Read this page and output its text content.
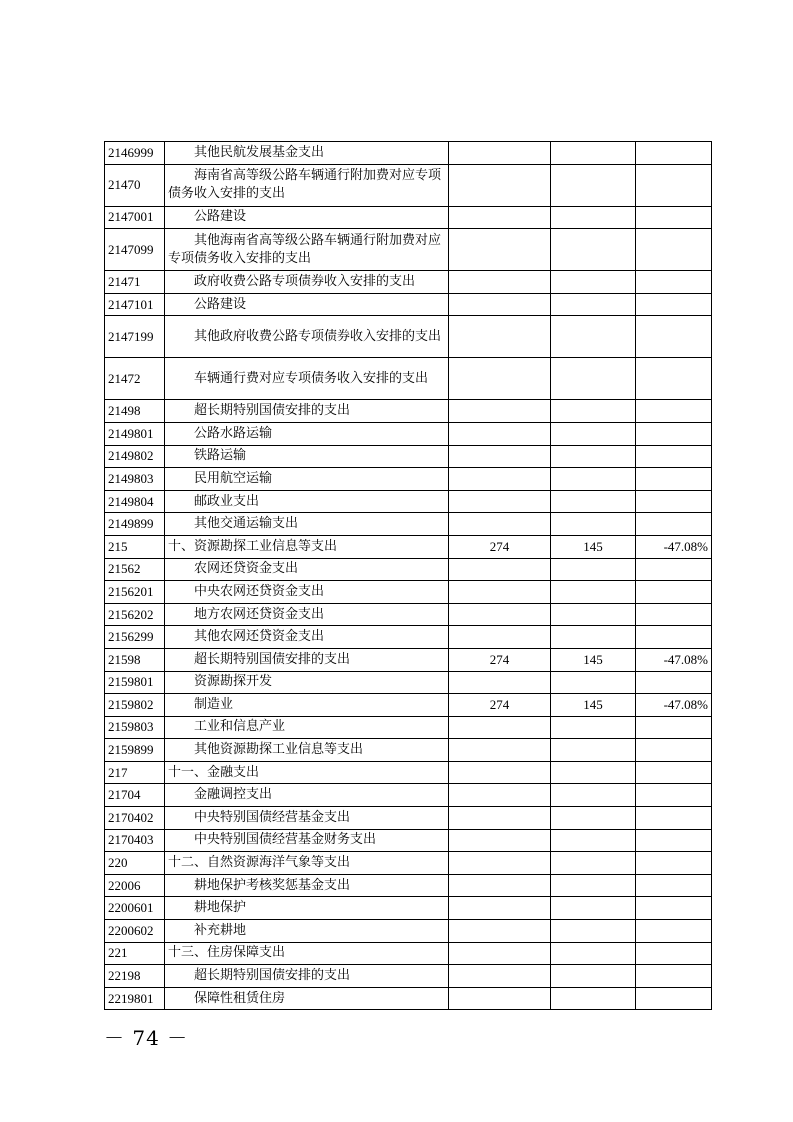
2146999	其他民航发展基金支出			
21470	海南省高等级公路车辆通行附加费对应专项债务收入安排的支出			
2147001	公路建设			
2147099	其他海南省高等级公路车辆通行附加费对应专项债务收入安排的支出			
21471	政府收费公路专项债券收入安排的支出			
2147101	公路建设			
2147199	其他政府收费公路专项债券收入安排的支出			
21472	车辆通行费对应专项债务收入安排的支出			
21498	超长期特别国债安排的支出			
2149801	公路水路运输			
2149802	铁路运输			
2149803	民用航空运输			
2149804	邮政业支出			
2149899	其他交通运输支出			
215	十、资源勘探工业信息等支出	274	145	-47.08%
21562	农网还贷资金支出			
2156201	中央农网还贷资金支出			
2156202	地方农网还贷资金支出			
2156299	其他农网还贷资金支出			
21598	超长期特别国债安排的支出	274	145	-47.08%
2159801	资源勘探开发			
2159802	制造业	274	145	-47.08%
2159803	工业和信息产业			
2159899	其他资源勘探工业信息等支出			
217	十一、金融支出			
21704	金融调控支出			
2170402	中央特别国债经营基金支出			
2170403	中央特别国债经营基金财务支出			
220	十二、自然资源海洋气象等支出			
22006	耕地保护考核奖惩基金支出			
2200601	耕地保护			
2200602	补充耕地			
221	十三、住房保障支出			
22198	超长期特别国债安排的支出			
2219801	保障性租赁住房			
－ 74 －
